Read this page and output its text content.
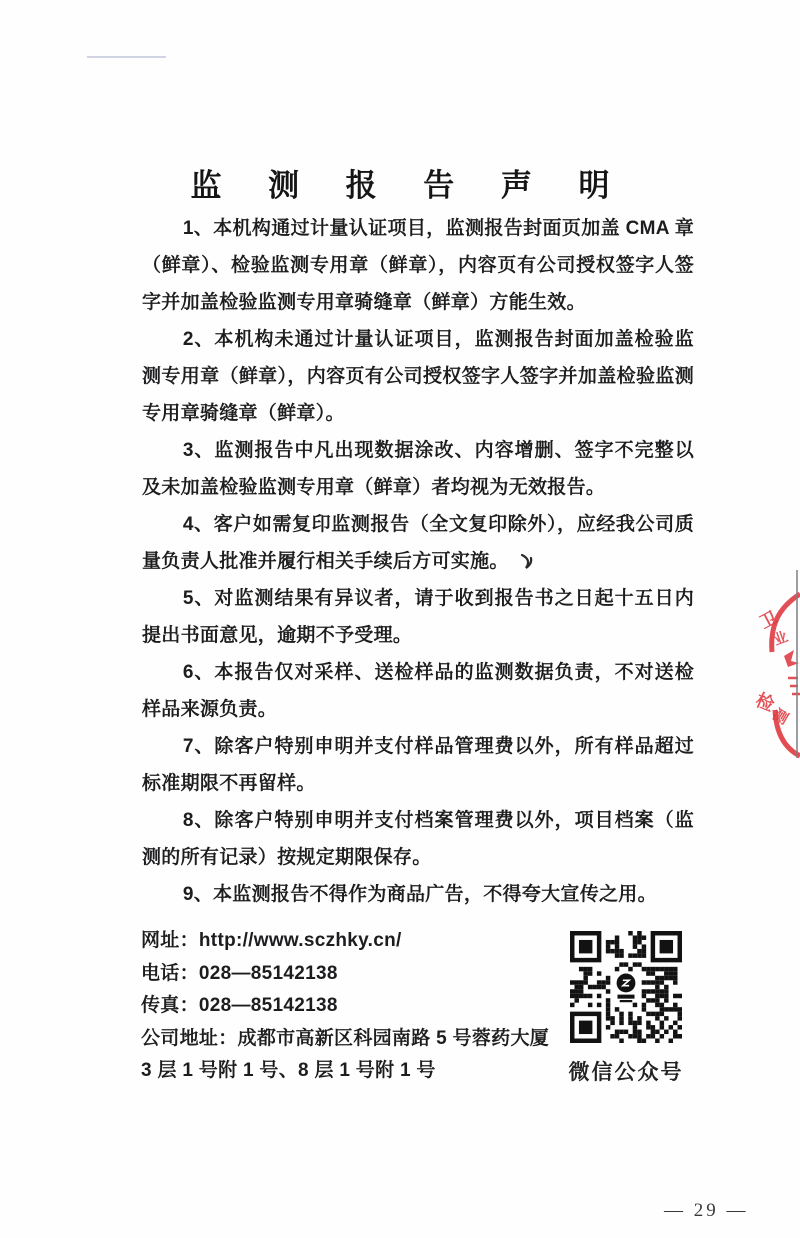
监 测 报 告 声 明

1、本机构通过计量认证项目，监测报告封面页加盖 CMA 章（鲜章）、检验监测专用章（鲜章），内容页有公司授权签字人签字并加盖检验监测专用章骑缝章（鲜章）方能生效。

2、本机构未通过计量认证项目，监测报告封面加盖检验监测专用章（鲜章），内容页有公司授权签字人签字并加盖检验监测专用章骑缝章（鲜章）。

3、监测报告中凡出现数据涂改、内容增删、签字不完整以及未加盖检验监测专用章（鲜章）者均视为无效报告。

4、客户如需复印监测报告（全文复印除外），应经我公司质量负责人批准并履行相关手续后方可实施。

5、对监测结果有异议者，请于收到报告书之日起十五日内提出书面意见，逾期不予受理。

6、本报告仅对采样、送检样品的监测数据负责，不对送检样品来源负责。

7、除客户特别申明并支付样品管理费以外，所有样品超过标准期限不再留样。

8、除客户特别申明并支付档案管理费以外，项目档案（监测的所有记录）按规定期限保存。

9、本监测报告不得作为商品广告，不得夸大宣传之用。

网址：http://www.sczhky.cn/
电话：028—85142138
传真：028—85142138
公司地址：成都市高新区科园南路 5 号蓉药大厦
3 层 1 号附 1 号、8 层 1 号附 1 号	微信公众号
卫
业
检
测
— 29 —
